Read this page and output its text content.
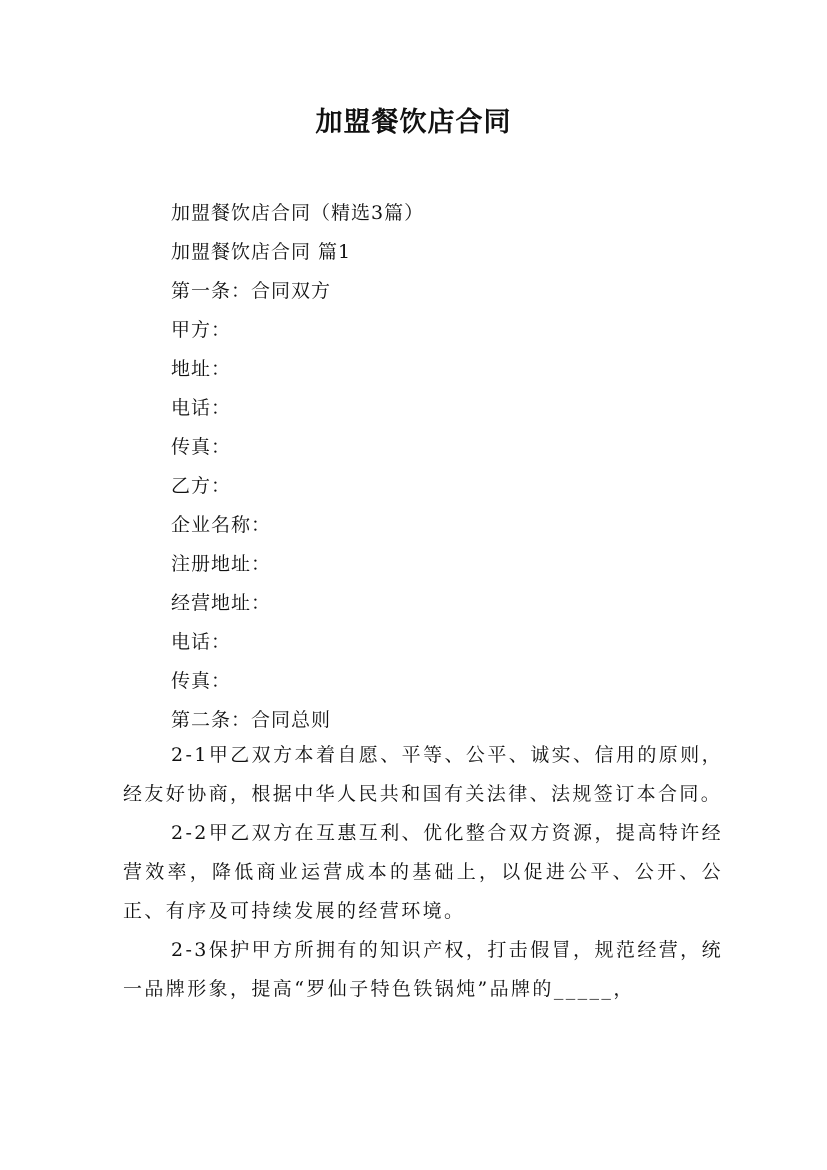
加盟餐饮店合同
加盟餐饮店合同（精选3篇）
加盟餐饮店合同 篇1
第一条：合同双方
甲方：
地址：
电话：
传真：
乙方：
企业名称：
注册地址：
经营地址：
电话：
传真：
第二条：合同总则

2-1甲乙双方本着自愿、平等、公平、诚实、信用的原则，经友好协商，根据中华人民共和国有关法律、法规签订本合同。

2-2甲乙双方在互惠互利、优化整合双方资源，提高特许经营效率，降低商业运营成本的基础上，以促进公平、公开、公正、有序及可持续发展的经营环境。

2-3保护甲方所拥有的知识产权，打击假冒，规范经营，统一品牌形象，提高“罗仙子特色铁锅炖”品牌的_____，
